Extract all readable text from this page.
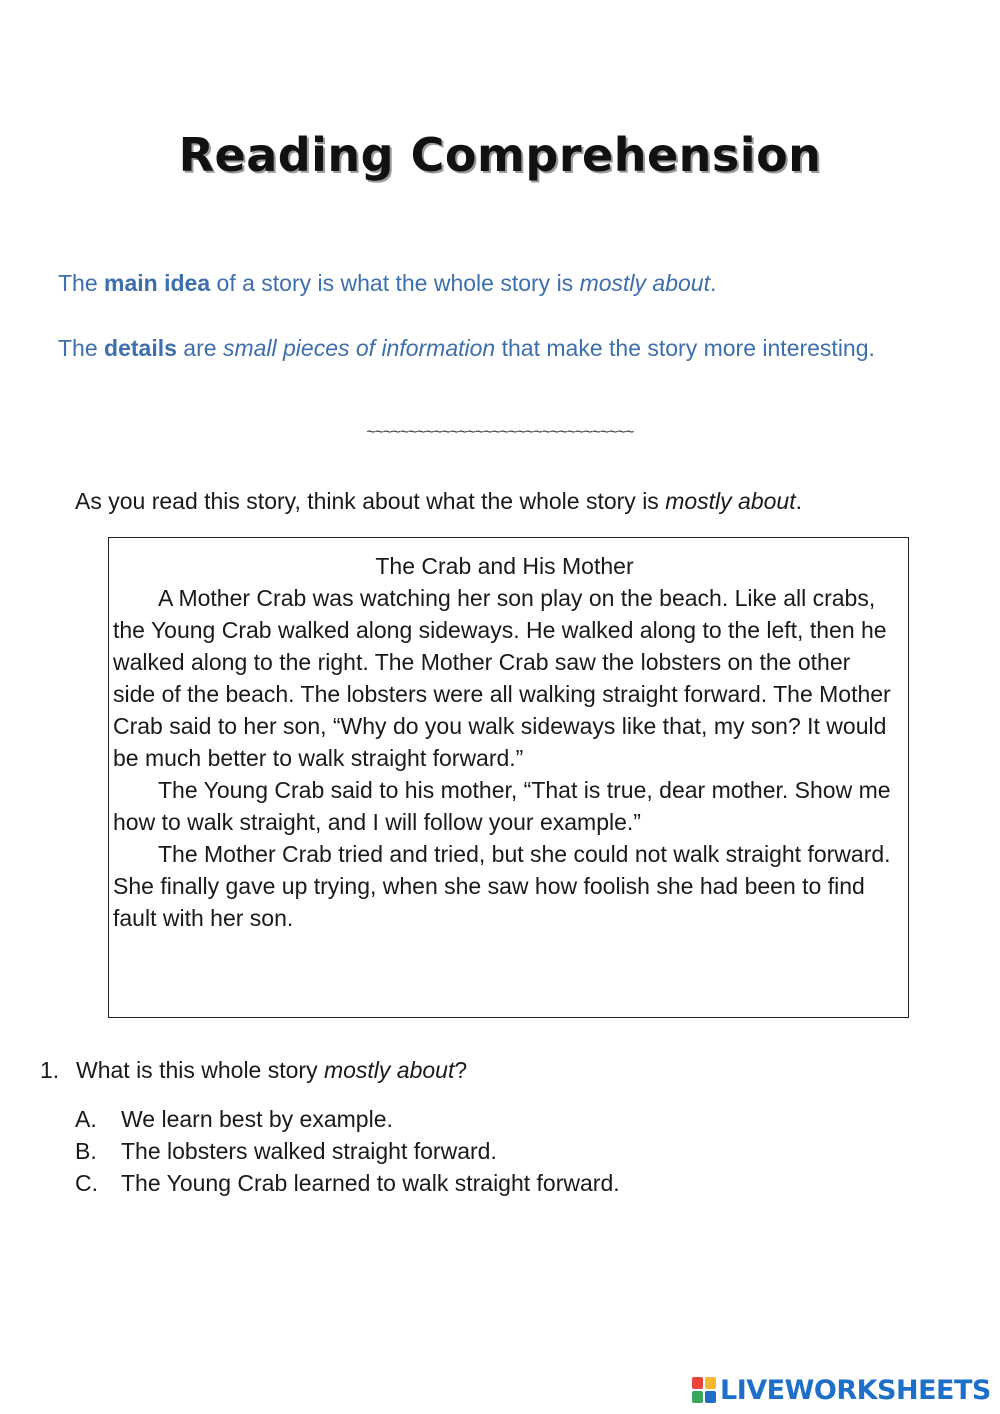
Reading Comprehension
The main idea of a story is what the whole story is mostly about.
The details are small pieces of information that make the story more interesting.
~~~~~~~~~~~~~~~~~~~~~~~~~~~~~~~~
As you read this story, think about what the whole story is mostly about.
The Crab and His Mother

A Mother Crab was watching her son play on the beach. Like all crabs, the Young Crab walked along sideways. He walked along to the left, then he walked along to the right. The Mother Crab saw the lobsters on the other side of the beach. The lobsters were all walking straight forward. The Mother Crab said to her son, “Why do you walk sideways like that, my son? It would be much better to walk straight forward.”

The Young Crab said to his mother, “That is true, dear mother. Show me how to walk straight, and I will follow your example.”

The Mother Crab tried and tried, but she could not walk straight forward. She finally gave up trying, when she saw how foolish she had been to find fault with her son.

1. What is this whole story mostly about?
A.	We learn best by example.
B.	The lobsters walked straight forward.
C.	The Young Crab learned to walk straight forward.
LIVEWORKSHEETS
